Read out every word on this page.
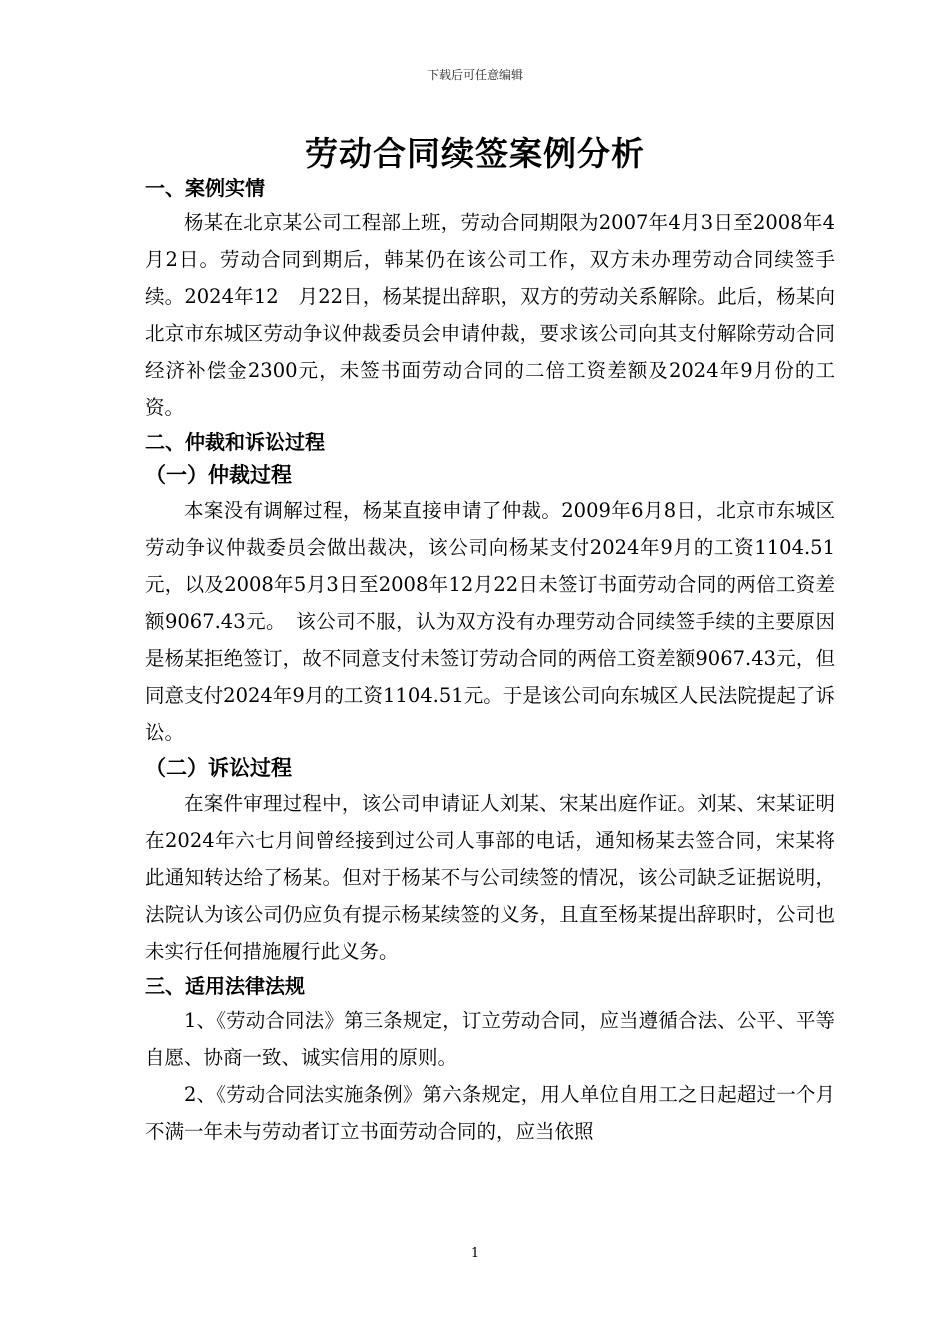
下载后可任意编辑
劳动合同续签案例分析
一、案例实情

杨某在北京某公司工程部上班，劳动合同期限为2007年4月3日至2008年4月2日。劳动合同到期后，韩某仍在该公司工作，双方未办理劳动合同续签手续。2024年12　月22日，杨某提出辞职，双方的劳动关系解除。此后，杨某向北京市东城区劳动争议仲裁委员会申请仲裁，要求该公司向其支付解除劳动合同经济补偿金2300元，未签书面劳动合同的二倍工资差额及2024年9月份的工资。

二、仲裁和诉讼过程
（一）仲裁过程

本案没有调解过程，杨某直接申请了仲裁。2009年6月8日，北京市东城区劳动争议仲裁委员会做出裁决，该公司向杨某支付2024年9月的工资1104.51元，以及2008年5月3日至2008年12月22日未签订书面劳动合同的两倍工资差额9067.43元。　该公司不服，认为双方没有办理劳动合同续签手续的主要原因是杨某拒绝签订，故不同意支付未签订劳动合同的两倍工资差额9067.43元，但同意支付2024年9月的工资1104.51元。于是该公司向东城区人民法院提起了诉讼。

（二）诉讼过程

在案件审理过程中，该公司申请证人刘某、宋某出庭作证。刘某、宋某证明在2024年六七月间曾经接到过公司人事部的电话，通知杨某去签合同，宋某将此通知转达给了杨某。但对于杨某不与公司续签的情况，该公司缺乏证据说明，法院认为该公司仍应负有提示杨某续签的义务，且直至杨某提出辞职时，公司也未实行任何措施履行此义务。

三、适用法律法规

1、《劳动合同法》第三条规定，订立劳动合同，应当遵循合法、公平、平等自愿、协商一致、诚实信用的原则。

2、《劳动合同法实施条例》第六条规定，用人单位自用工之日起超过一个月不满一年未与劳动者订立书面劳动合同的，应当依照

1
